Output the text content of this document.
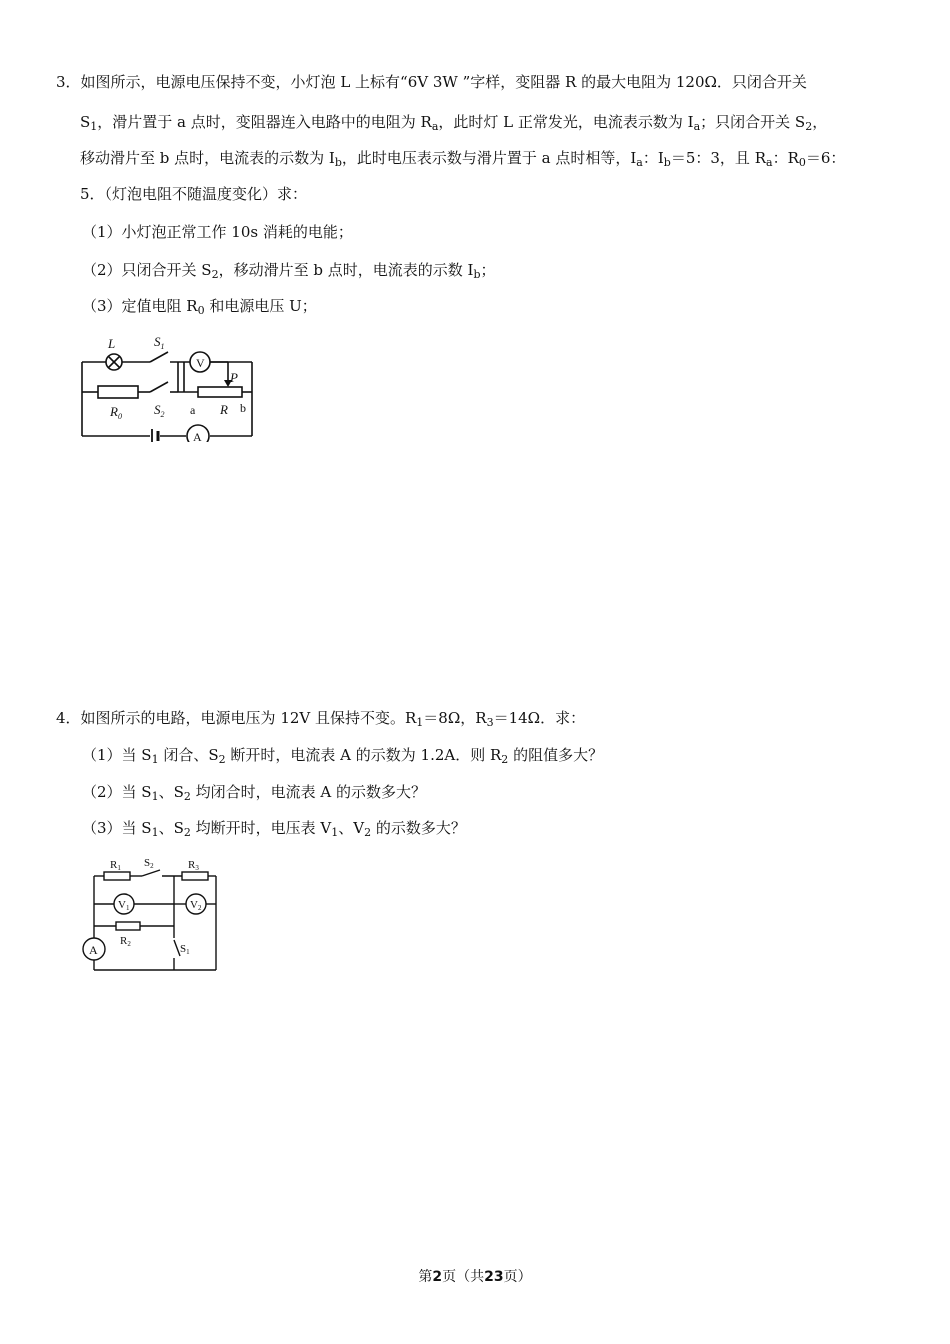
3．如图所示，电源电压保持不变，小灯泡 L 上标有“6V 3W ”字样，变阻器 R 的最大电阻为 120Ω．只闭合开关
$S_1$，滑片置于 a 点时，变阻器连入电路中的电阻为 $R_a$，此时灯 L 正常发光，电流表示数为 $I_a$；只闭合开关 $S_2$，
移动滑片至 b 点时，电流表的示数为 $I_b$，此时电压表示数与滑片置于 a 点时相等，$I_a$：$I_b=5$：3，且 $R_a$：$R_0=6$：
5．（灯泡电阻不随温度变化）求：
（1）小灯泡正常工作 10s 消耗的电能；
（2）只闭合开关 $S_2$，移动滑片至 b 点时，电流表的示数 $I_b$；
（3）定值电阻 $R_0$ 和电源电压 U；
L	$S_1$
V
P
$R_0$ $S_2$ a R b
A
4．如图所示的电路，电源电压为 12V 且保持不变。$R_1=8\Omega$，$R_3=14\Omega$．求：
（1）当 $S_1$ 闭合、$S_2$ 断开时，电流表 A 的示数为 1.2A．则 $R_2$ 的阻值多大？
（2）当 $S_1$、$S_2$ 均闭合时，电流表 A 的示数多大？
（3）当 $S_1$、$S_2$ 均断开时，电压表 $V_1$、$V_2$ 的示数多大？
R1 S2	R3
V1	V2
R2	S1
A
第2页（共23页）
